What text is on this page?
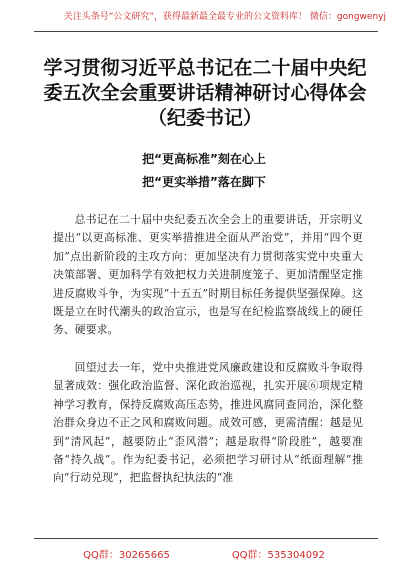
关注头条号“公文研究”，获得最新最全最专业的公文资料库！ 微信：gongwenyj
学习贯彻习近平总书记在二十届中央纪委五次全会重要讲话精神研讨心得体会（纪委书记）
把“更高标准”刻在心上
把“更实举措”落在脚下

总书记在二十届中央纪委五次全会上的重要讲话，开宗明义提出“以更高标准、更实举措推进全面从严治党”，并用“四个更加”点出新阶段的主攻方向：更加坚决有力贯彻落实党中央重大决策部署、更加科学有效把权力关进制度笼子、更加清醒坚定推进反腐败斗争，为实现“十五五”时期目标任务提供坚强保障。这既是立在时代潮头的政治宣示，也是写在纪检监察战线上的硬任务、硬要求。

回望过去一年，党中央推进党风廉政建设和反腐败斗争取得显著成效：强化政治监督、深化政治巡视，扎实开展⑥项规定精神学习教育，保持反腐败高压态势，推进风腐同查同治，深化整治群众身边不正之风和腐败问题。成效可感，更需清醒：越是见到“清风起”，越要防止“歪风潜”；越是取得“阶段胜”，越要准备“持久战”。作为纪委书记，必须把学习研讨从“纸面理解”推向“行动兑现”，把监督执纪执法的“准

QQ群：30265665	QQ群：535304092
